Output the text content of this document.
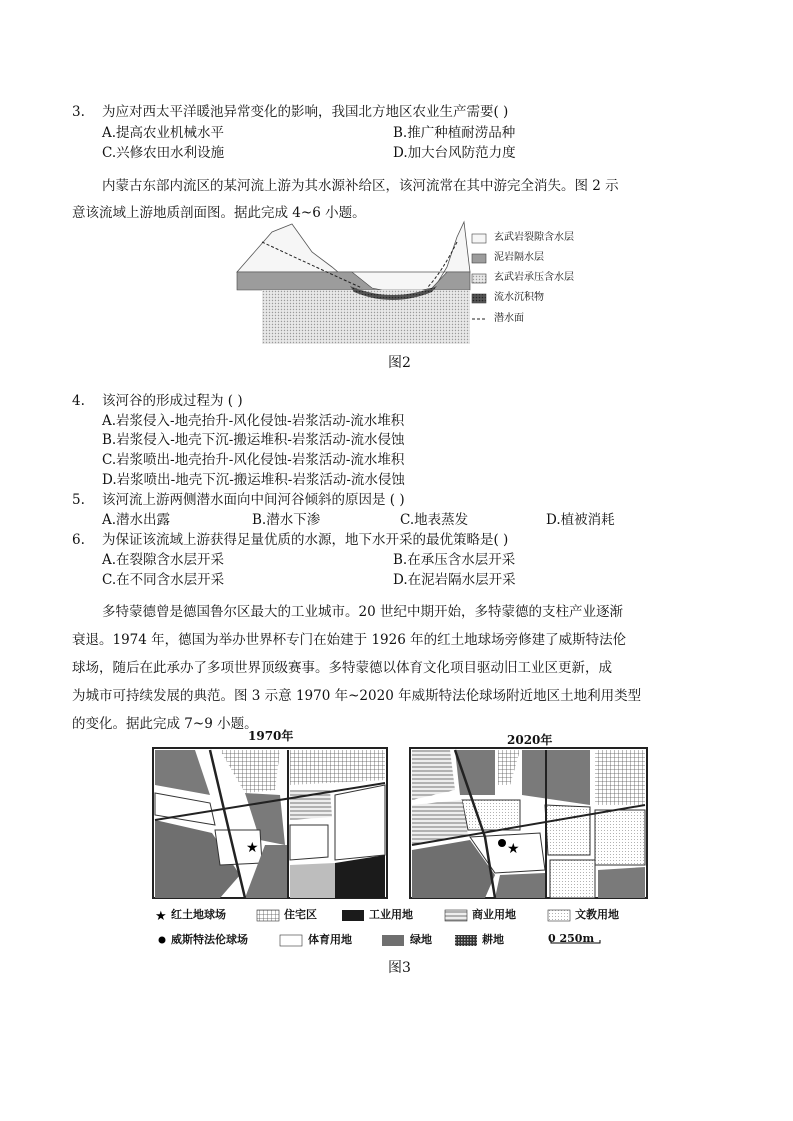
3. 为应对西太平洋暖池异常变化的影响，我国北方地区农业生产需要( )
A.提高农业机械水平	B.推广种植耐涝品种
C.兴修农田水利设施	D.加大台风防范力度
内蒙古东部内流区的某河流上游为其水源补给区，该河流常在其中游完全消失。图 2 示
意该流域上游地质剖面图。据此完成 4~6 小题。
玄武岩裂隙含水层
泥岩隔水层
玄武岩承压含水层
流水沉积物
潜水面
图2
4. 该河谷的形成过程为 ( )
A.岩浆侵入-地壳抬升-风化侵蚀-岩浆活动-流水堆积
B.岩浆侵入-地壳下沉-搬运堆积-岩浆活动-流水侵蚀
C.岩浆喷出-地壳抬升-风化侵蚀-岩浆活动-流水堆积
D.岩浆喷出-地壳下沉-搬运堆积-岩浆活动-流水侵蚀
5. 该河流上游两侧潜水面向中间河谷倾斜的原因是 ( )
A.潜水出露	B.潜水下渗	C.地表蒸发	D.植被消耗
6. 为保证该流域上游获得足量优质的水源，地下水开采的最优策略是( )
A.在裂隙含水层开采	B.在承压含水层开采
C.在不同含水层开采	D.在泥岩隔水层开采
多特蒙德曾是德国鲁尔区最大的工业城市。20 世纪中期开始，多特蒙德的支柱产业逐渐
衰退。1974 年，德国为举办世界杯专门在始建于 1926 年的红土地球场旁修建了威斯特法伦
球场，随后在此承办了多项世界顶级赛事。多特蒙德以体育文化项目驱动旧工业区更新，成
为城市可持续发展的典范。图 3 示意 1970 年~2020 年威斯特法伦球场附近地区土地利用类型
的变化。据此完成 7~9 小题。
1970年	2020年
★	★
★ 红土地球场	住宅区	工业用地	商业用地	文教用地
威斯特法伦球场	体育用地	绿地	耕地	0 250m
图3
